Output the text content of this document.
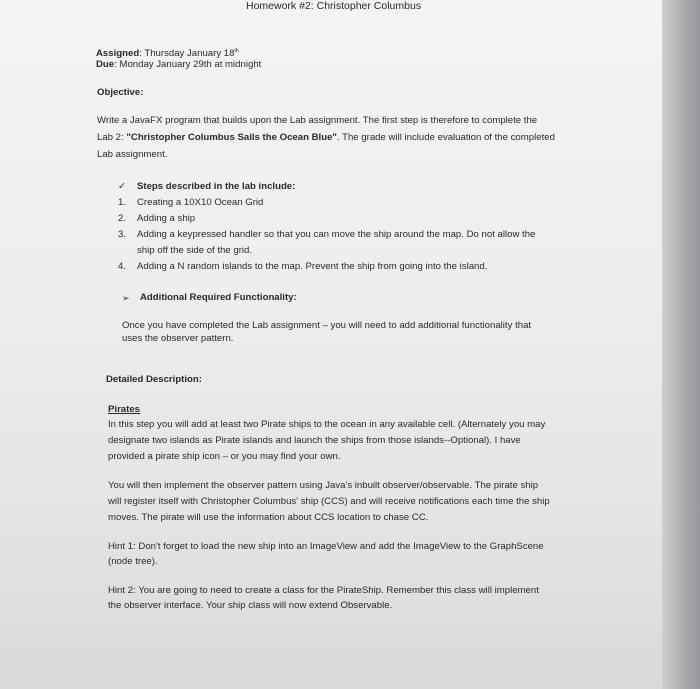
Homework #2: Christopher Columbus
Assigned: Thursday January 18th
Due: Monday January 29th at midnight
Objective:
Write a JavaFX program that builds upon the Lab assignment. The first step is therefore to complete the
Lab 2: "Christopher Columbus Sails the Ocean Blue". The grade will include evaluation of the completed
Lab assignment.
✓ Steps described in the lab include:
1. Creating a 10X10 Ocean Grid
2. Adding a ship
3. Adding a keypressed handler so that you can move the ship around the map. Do not allow the
ship off the side of the grid.
4. Adding a N random islands to the map. Prevent the ship from going into the island.
➢ Additional Required Functionality:
Once you have completed the Lab assignment – you will need to add additional functionality that
uses the observer pattern.
Detailed Description:
Pirates
In this step you will add at least two Pirate ships to the ocean in any available cell. (Alternately you may
designate two islands as Pirate islands and launch the ships from those islands--Optional). I have
provided a pirate ship icon – or you may find your own.
You will then implement the observer pattern using Java's inbuilt observer/observable. The pirate ship
will register itself with Christopher Columbus' ship (CCS) and will receive notifications each time the ship
moves. The pirate will use the information about CCS location to chase CC.
Hint 1: Don't forget to load the new ship into an ImageView and add the ImageView to the GraphScene
(node tree).
Hint 2: You are going to need to create a class for the PirateShip. Remember this class will implement
the observer interface. Your ship class will now extend Observable.
